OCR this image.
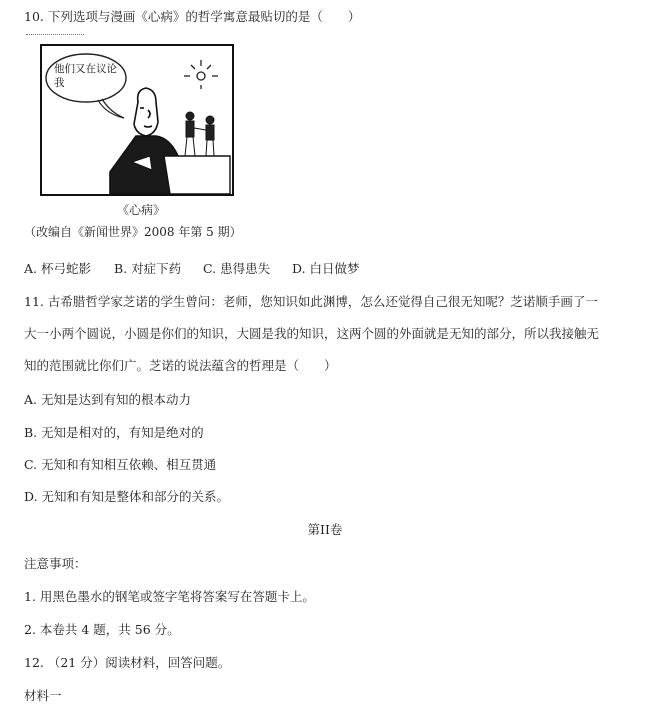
10. 下列选项与漫画《心病》的哲学寓意最贴切的是（　　）
他们又在议论我
《心病》
（改编自《新闻世界》2008 年第 5 期）
A. 杯弓蛇影 B. 对症下药 C. 患得患失 D. 白日做梦
11. 古希腊哲学家芝诺的学生曾问：老师，您知识如此渊博，怎么还觉得自己很无知呢？芝诺顺手画了一
大一小两个圆说，小圆是你们的知识，大圆是我的知识，这两个圆的外面就是无知的部分，所以我接触无
知的范围就比你们广。芝诺的说法蕴含的哲理是（　　）
A. 无知是达到有知的根本动力
B. 无知是相对的，有知是绝对的
C. 无知和有知相互依赖、相互贯通
D. 无知和有知是整体和部分的关系。
第II卷
注意事项：
1. 用黑色墨水的钢笔或签字笔将答案写在答题卡上。
2. 本卷共 4 题，共 56 分。
12. （21 分）阅读材料，回答问题。
材料一
